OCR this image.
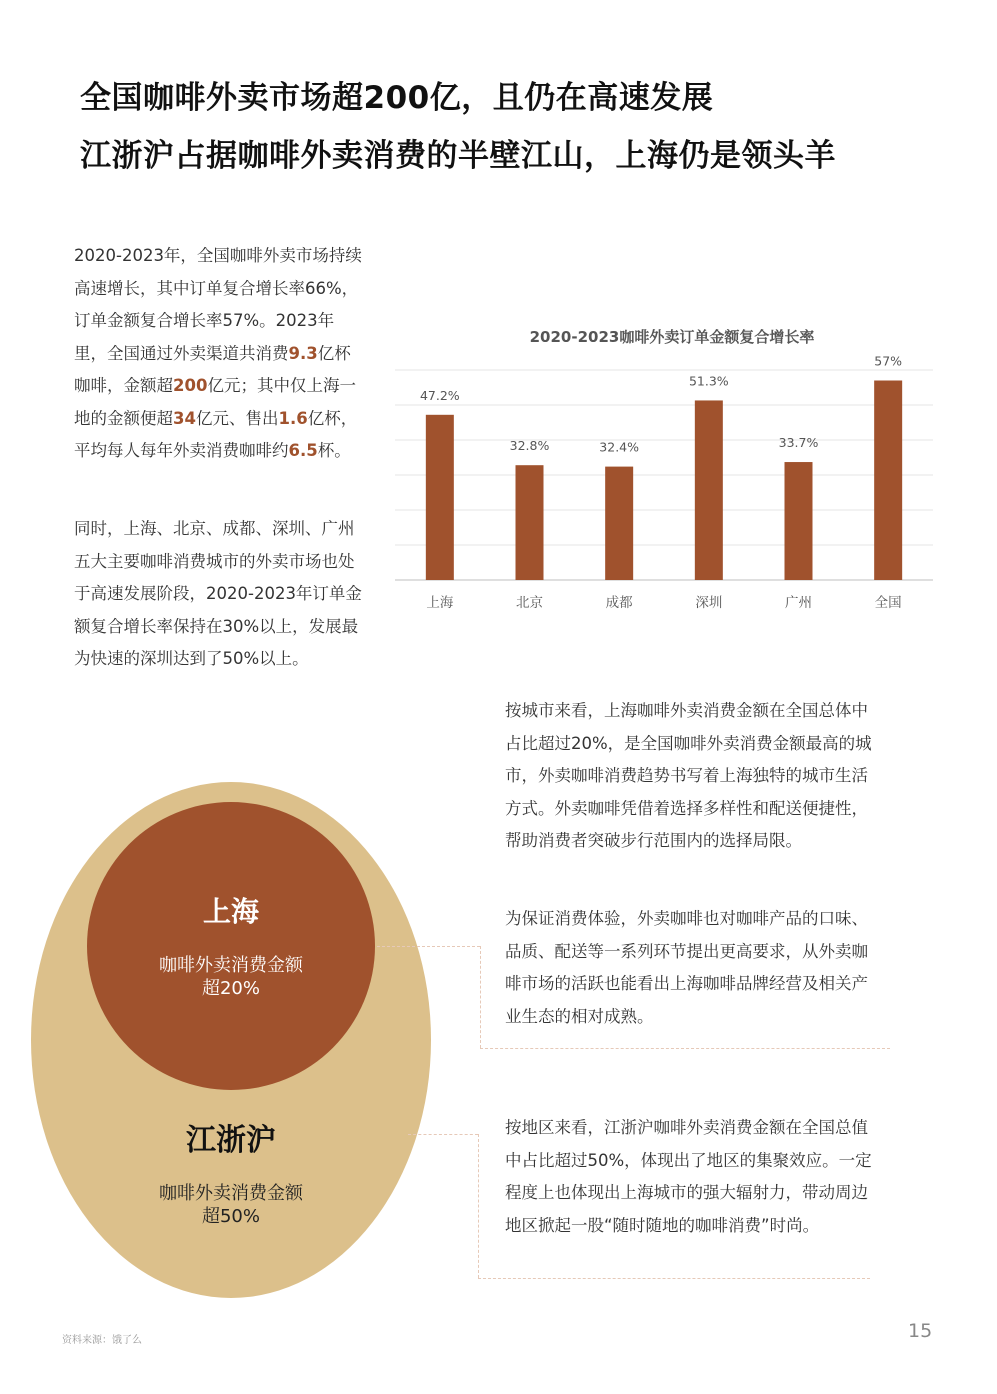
全国咖啡外卖市场超200亿，且仍在高速发展
江浙沪占据咖啡外卖消费的半壁江山，上海仍是领头羊

2020-2023年，全国咖啡外卖市场持续高速增长，其中订单复合增长率66%，订单金额复合增长率57%。2023年里，全国通过外卖渠道共消费9.3亿杯咖啡，金额超200亿元；其中仅上海一地的金额便超34亿元、售出1.6亿杯，平均每人每年外卖消费咖啡约6.5杯。

同时，上海、北京、成都、深圳、广州五大主要咖啡消费城市的外卖市场也处于高速发展阶段，2020-2023年订单金额复合增长率保持在30%以上，发展最为快速的深圳达到了50%以上。

2020-2023咖啡外卖订单金额复合增长率
47.2%
32.8%	32.4%
51.3%
33.7%
57%
上海	北京	成都	深圳	广州	全国
上海
咖啡外卖消费金额
超20%
江浙沪
咖啡外卖消费金额
超50%

按城市来看，上海咖啡外卖消费金额在全国总体中占比超过20%，是全国咖啡外卖消费金额最高的城市，外卖咖啡消费趋势书写着上海独特的城市生活方式。外卖咖啡凭借着选择多样性和配送便捷性，帮助消费者突破步行范围内的选择局限。

为保证消费体验，外卖咖啡也对咖啡产品的口味、品质、配送等一系列环节提出更高要求，从外卖咖啡市场的活跃也能看出上海咖啡品牌经营及相关产业生态的相对成熟。

按地区来看，江浙沪咖啡外卖消费金额在全国总值中占比超过50%，体现出了地区的集聚效应。一定程度上也体现出上海城市的强大辐射力，带动周边地区掀起一股“随时随地的咖啡消费”时尚。

资料来源：饿了么	15
